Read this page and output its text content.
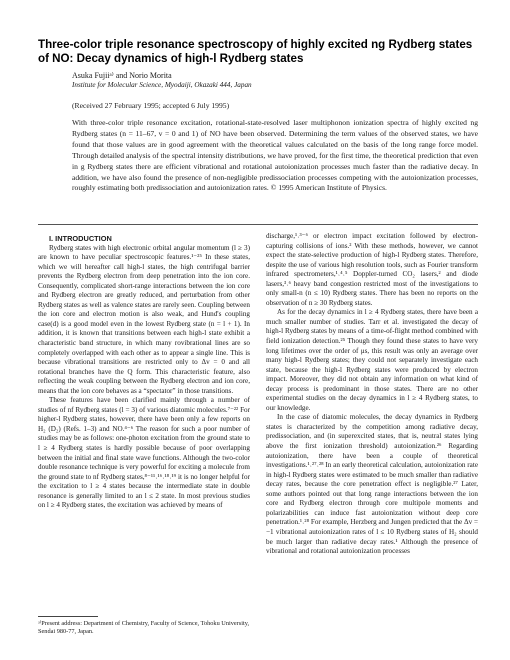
Three-color triple resonance spectroscopy of highly excited ng Rydberg states of NO: Decay dynamics of high-l Rydberg states
Asuka Fujiiᵃ⁾ and Norio Morita
Institute for Molecular Science, Myodaiji, Okazaki 444, Japan
(Received 27 February 1995; accepted 6 July 1995)
With three-color triple resonance excitation, rotational-state-resolved laser multiphonon ionization spectra of highly excited ng Rydberg states (n = 11–67, v = 0 and 1) of NO have been observed. Determining the term values of the observed states, we have found that those values are in good agreement with the theoretical values calculated on the basis of the long range force model. Through detailed analysis of the spectral intensity distributions, we have proved, for the first time, the theoretical prediction that even in g Rydberg states there are efficient vibrational and rotational autoionization processes much faster than the radiative decay. In addition, we have also found the presence of non-negligible predissociation processes competing with the autoionization processes, roughly estimating both predissociation and autoionization rates. © 1995 American Institute of Physics.

I. INTRODUCTION

Rydberg states with high electronic orbital angular momentum (l ≥ 3) are known to have peculiar spectroscopic features.¹⁻²⁵ In these states, which we will hereafter call high-l states, the high centrifugal barrier prevents the Rydberg electron from deep penetration into the ion core. Consequently, complicated short-range interactions between the ion core and Rydberg electron are greatly reduced, and perturbation from other Rydberg states as well as valence states are rarely seen. Coupling between the ion core and electron motion is also weak, and Hund's coupling case(d) is a good model even in the lowest Rydberg state (n = l + 1). In addition, it is known that transitions between each high-l state exhibit a characteristic band structure, in which many rovibrational lines are so completely overlapped with each other as to appear a single line. This is because vibrational transitions are restricted only to Δv = 0 and all rotational branches have the Q form. This characteristic feature, also reflecting the weak coupling between the Rydberg electron and ion core, means that the ion core behaves as a “spectator” in those transitions.

These features have been clarified mainly through a number of studies of nf Rydberg states (l = 3) of various diatomic molecules.⁷⁻²² For higher-l Rydberg states, however, there have been only a few reports on H₂ (D₂) (Refs. 1–3) and NO.⁴⁻⁶ The reason for such a poor number of studies may be as follows: one-photon excitation from the ground state to l ≥ 4 Rydberg states is hardly possible because of poor overlapping between the initial and final state wave functions. Although the two-color double resonance technique is very powerful for exciting a molecule from the ground state to nf Rydberg states,⁸⁻¹¹˒¹⁶˒¹⁸˒¹⁹ it is no longer helpful for the excitation to l ≥ 4 states because the intermediate state in double resonance is generally limited to an l ≤ 2 state. In most previous studies on l ≥ 4 Rydberg states, the excitation was achieved by means of

discharge,¹˒³⁻⁶ or electron impact excitation followed by electron-capturing collisions of ions.² With these methods, however, we cannot expect the state-selective production of high-l Rydberg states. Therefore, despite the use of various high resolution tools, such as Fourier transform infrared spectrometers,¹˒⁴˒⁵ Doppler-turned CO₂ lasers,² and diode lasers,³˒⁶ heavy band congestion restricted most of the investigations to only small-n (n ≤ 10) Rydberg states. There has been no reports on the observation of n ≥ 30 Rydberg states.

As for the decay dynamics in l ≥ 4 Rydberg states, there have been a much smaller number of studies. Tarr et al. investigated the decay of high-l Rydberg states by means of a time-of-flight method combined with field ionization detection.²⁵ Though they found these states to have very long lifetimes over the order of μs, this result was only an average over many high-l Rydberg states; they could not separately investigate each state, because the high-l Rydberg states were produced by electron impact. Moreover, they did not obtain any information on what kind of decay process is predominant in those states. There are no other experimental studies on the decay dynamics in l ≥ 4 Rydberg states, to our knowledge.

In the case of diatomic molecules, the decay dynamics in Rydberg states is characterized by the competition among radiative decay, predissociation, and (in superexcited states, that is, neutral states lying above the first ionization threshold) autoionization.²⁶ Regarding autoionization, there have been a couple of theoretical investigations.¹˒²⁷˒²⁸ In an early theoretical calculation, autoionization rate in high-l Rydberg states were estimated to be much smaller than radiative decay rates, because the core penetration effect is negligible.²⁷ Later, some authors pointed out that long range interactions between the ion core and Rydberg electron through core multipole moments and polarizabilities can induce fast autoionization without deep core penetration.¹˒²⁸ For example, Herzberg and Jungen predicted that the Δv = −1 vibrational autoionization rates of l ≤ 10 Rydberg states of H₂ should be much larger than radiative decay rates.¹ Although the presence of vibrational and rotational autoionization processes

ᵃ⁾Present address: Department of Chemistry, Faculty of Science, Tohoku University, Sendai 980-77, Japan.
